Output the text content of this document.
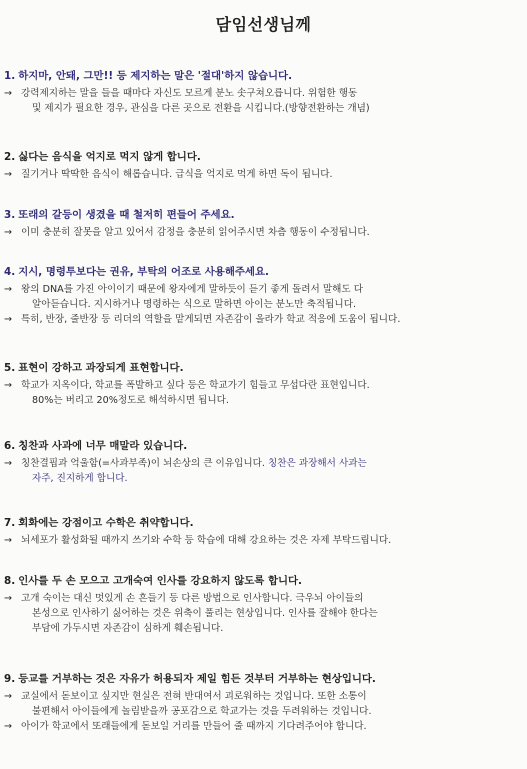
담임선생님께
1. 하지마, 안돼, 그만!! 등 제지하는 말은 '절대'하지 않습니다.
→ 강력제지하는 말을 들을 때마다 자신도 모르게 분노 솟구쳐오릅니다. 위험한 행동
및 제지가 필요한 경우, 관심을 다른 곳으로 전환을 시킵니다.(방향전환하는 개념)
2. 싫다는 음식을 억지로 먹지 않게 합니다.
→ 질기거나 딱딱한 음식이 해롭습니다. 급식을 억지로 먹게 하면 독이 됩니다.
3. 또래의 갈등이 생겼을 때 철저히 편들어 주세요.
→ 이미 충분히 잘못을 알고 있어서 감정을 충분히 읽어주시면 차츰 행동이 수정됩니다.
4. 지시, 명령투보다는 권유, 부탁의 어조로 사용해주세요.
→ 왕의 DNA를 가진 아이이기 때문에 왕자에게 말하듯이 듣기 좋게 돌려서 말해도 다
알아듣습니다. 지시하거나 명령하는 식으로 말하면 아이는 분노만 축적됩니다.
→ 특히, 반장, 줄반장 등 리더의 역할을 맡게되면 자존감이 올라가 학교 적응에 도움이 됩니다.
5. 표현이 강하고 과장되게 표현합니다.
→ 학교가 지옥이다, 학교를 폭발하고 싶다 등은 학교가기 힘들고 무섭다란 표현입니다.
80%는 버리고 20%정도로 해석하시면 됩니다.
6. 칭찬과 사과에 너무 매말라 있습니다.
→ 칭찬결핍과 억울함(=사과부족)이 뇌손상의 큰 이유입니다. 칭찬은 과장해서 사과는
자주, 진지하게 합니다.
7. 회화에는 강점이고 수학은 취약합니다.
→ 뇌세포가 활성화될 때까지 쓰기와 수학 등 학습에 대해 강요하는 것은 자제 부탁드립니다.
8. 인사를 두 손 모으고 고개숙여 인사를 강요하지 않도록 합니다.
→ 고개 숙이는 대신 멋있게 손 흔들기 등 다른 방법으로 인사합니다. 극우뇌 아이들의
본성으로 인사하기 싫어하는 것은 위축이 풀리는 현상입니다. 인사를 잘해야 한다는
부담에 가두시면 자존감이 심하게 훼손됩니다.
9. 등교를 거부하는 것은 자유가 허용되자 제일 힘든 것부터 거부하는 현상입니다.
→ 교실에서 돋보이고 싶지만 현실은 전혀 반대여서 괴로워하는 것입니다. 또한 소통이
불편해서 아이들에게 놀림받을까 공포감으로 학교가는 것을 두려워하는 것입니다.
→ 아이가 학교에서 또래들에게 돋보일 거리를 만들어 줄 때까지 기다려주어야 합니다.
